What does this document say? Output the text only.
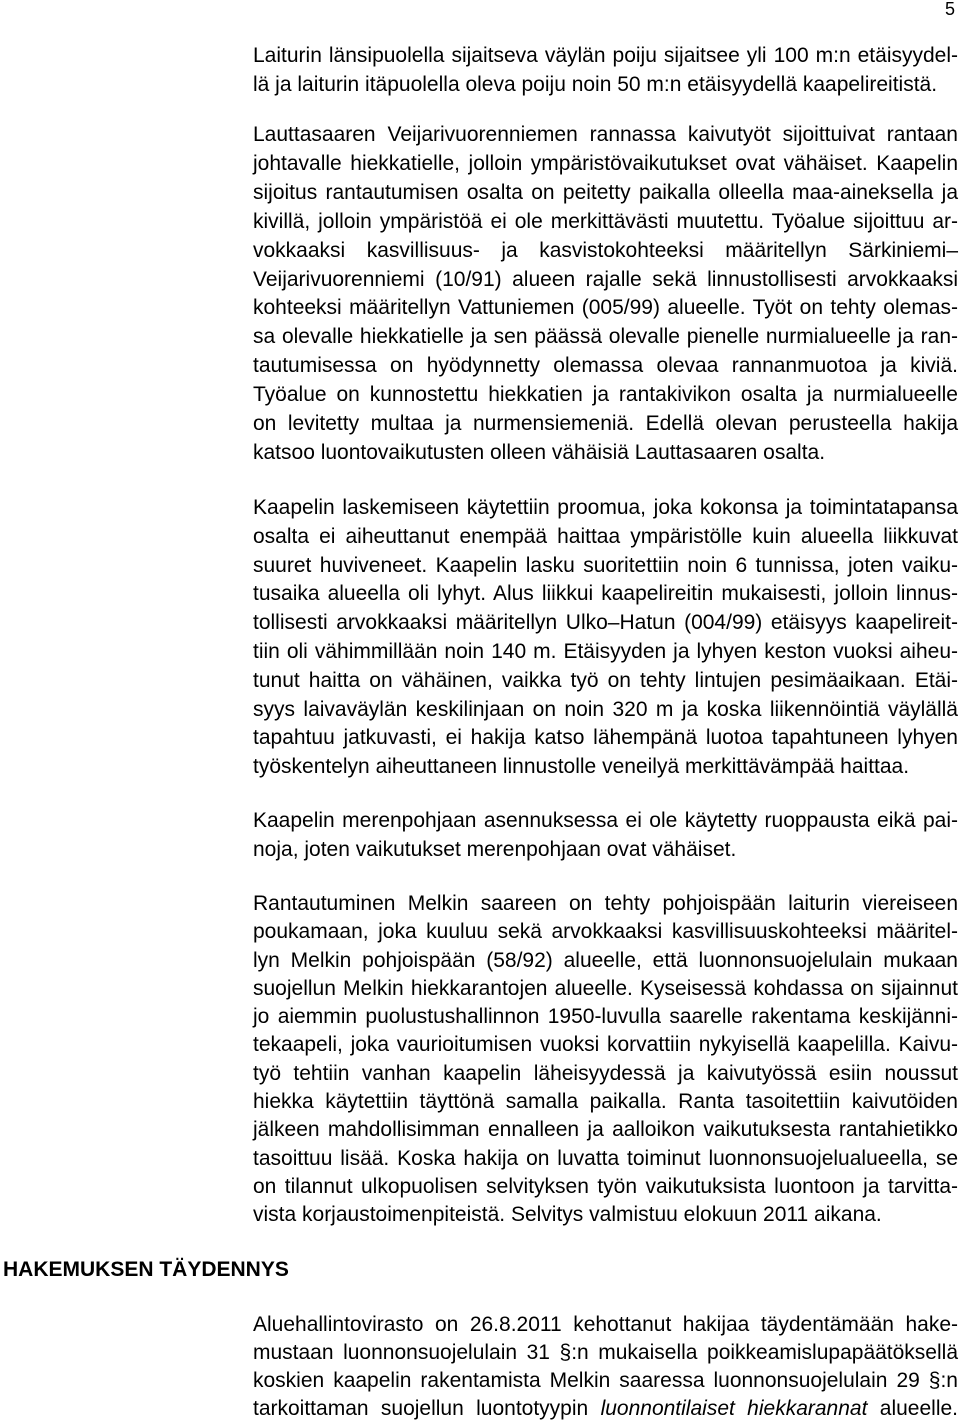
5
Laiturin länsipuolella sijaitseva väylän poiju sijaitsee yli 100 m:n etäisyydel-
lä ja laiturin itäpuolella oleva poiju noin 50 m:n etäisyydellä kaapelireitistä.
Lauttasaaren Veijarivuorenniemen rannassa kaivutyöt sijoittuivat rantaan
johtavalle hiekkatielle, jolloin ympäristövaikutukset ovat vähäiset. Kaapelin
sijoitus rantautumisen osalta on peitetty paikalla olleella maa-aineksella ja
kivillä, jolloin ympäristöä ei ole merkittävästi muutettu. Työalue sijoittuu ar-
vokkaaksi kasvillisuus- ja kasvistokohteeksi määritellyn Särkiniemi–
Veijarivuorenniemi (10/91) alueen rajalle sekä linnustollisesti arvokkaaksi
kohteeksi määritellyn Vattuniemen (005/99) alueelle. Työt on tehty olemas-
sa olevalle hiekkatielle ja sen päässä olevalle pienelle nurmialueelle ja ran-
tautumisessa on hyödynnetty olemassa olevaa rannanmuotoa ja kiviä.
Työalue on kunnostettu hiekkatien ja rantakivikon osalta ja nurmialueelle
on levitetty multaa ja nurmensiemeniä. Edellä olevan perusteella hakija
katsoo luontovaikutusten olleen vähäisiä Lauttasaaren osalta.
Kaapelin laskemiseen käytettiin proomua, joka kokonsa ja toimintatapansa
osalta ei aiheuttanut enempää haittaa ympäristölle kuin alueella liikkuvat
suuret huviveneet. Kaapelin lasku suoritettiin noin 6 tunnissa, joten vaiku-
tusaika alueella oli lyhyt. Alus liikkui kaapelireitin mukaisesti, jolloin linnus-
tollisesti arvokkaaksi määritellyn Ulko–Hatun (004/99) etäisyys kaapelireit-
tiin oli vähimmillään noin 140 m. Etäisyyden ja lyhyen keston vuoksi aiheu-
tunut haitta on vähäinen, vaikka työ on tehty lintujen pesimäaikaan. Etäi-
syys laivaväylän keskilinjaan on noin 320 m ja koska liikennöintiä väylällä
tapahtuu jatkuvasti, ei hakija katso lähempänä luotoa tapahtuneen lyhyen
työskentelyn aiheuttaneen linnustolle veneilyä merkittävämpää haittaa.
Kaapelin merenpohjaan asennuksessa ei ole käytetty ruoppausta eikä pai-
noja, joten vaikutukset merenpohjaan ovat vähäiset.
Rantautuminen Melkin saareen on tehty pohjoispään laiturin viereiseen
poukamaan, joka kuuluu sekä arvokkaaksi kasvillisuuskohteeksi määritel-
lyn Melkin pohjoispään (58/92) alueelle, että luonnonsuojelulain mukaan
suojellun Melkin hiekkarantojen alueelle. Kyseisessä kohdassa on sijainnut
jo aiemmin puolustushallinnon 1950-luvulla saarelle rakentama keskijänni-
tekaapeli, joka vaurioitumisen vuoksi korvattiin nykyisellä kaapelilla. Kaivu-
työ tehtiin vanhan kaapelin läheisyydessä ja kaivutyössä esiin noussut
hiekka käytettiin täyttönä samalla paikalla. Ranta tasoitettiin kaivutöiden
jälkeen mahdollisimman ennalleen ja aalloikon vaikutuksesta rantahietikko
tasoittuu lisää. Koska hakija on luvatta toiminut luonnonsuojelualueella, se
on tilannut ulkopuolisen selvityksen työn vaikutuksista luontoon ja tarvitta-
vista korjaustoimenpiteistä. Selvitys valmistuu elokuun 2011 aikana.
HAKEMUKSEN TÄYDENNYS
Aluehallintovirasto on 26.8.2011 kehottanut hakijaa täydentämään hake-
mustaan luonnonsuojelulain 31 §:n mukaisella poikkeamislupapäätöksellä
koskien kaapelin rakentamista Melkin saaressa luonnonsuojelulain 29 §:n
tarkoittaman suojellun luontotyypin luonnontilaiset hiekkarannat alueelle.
